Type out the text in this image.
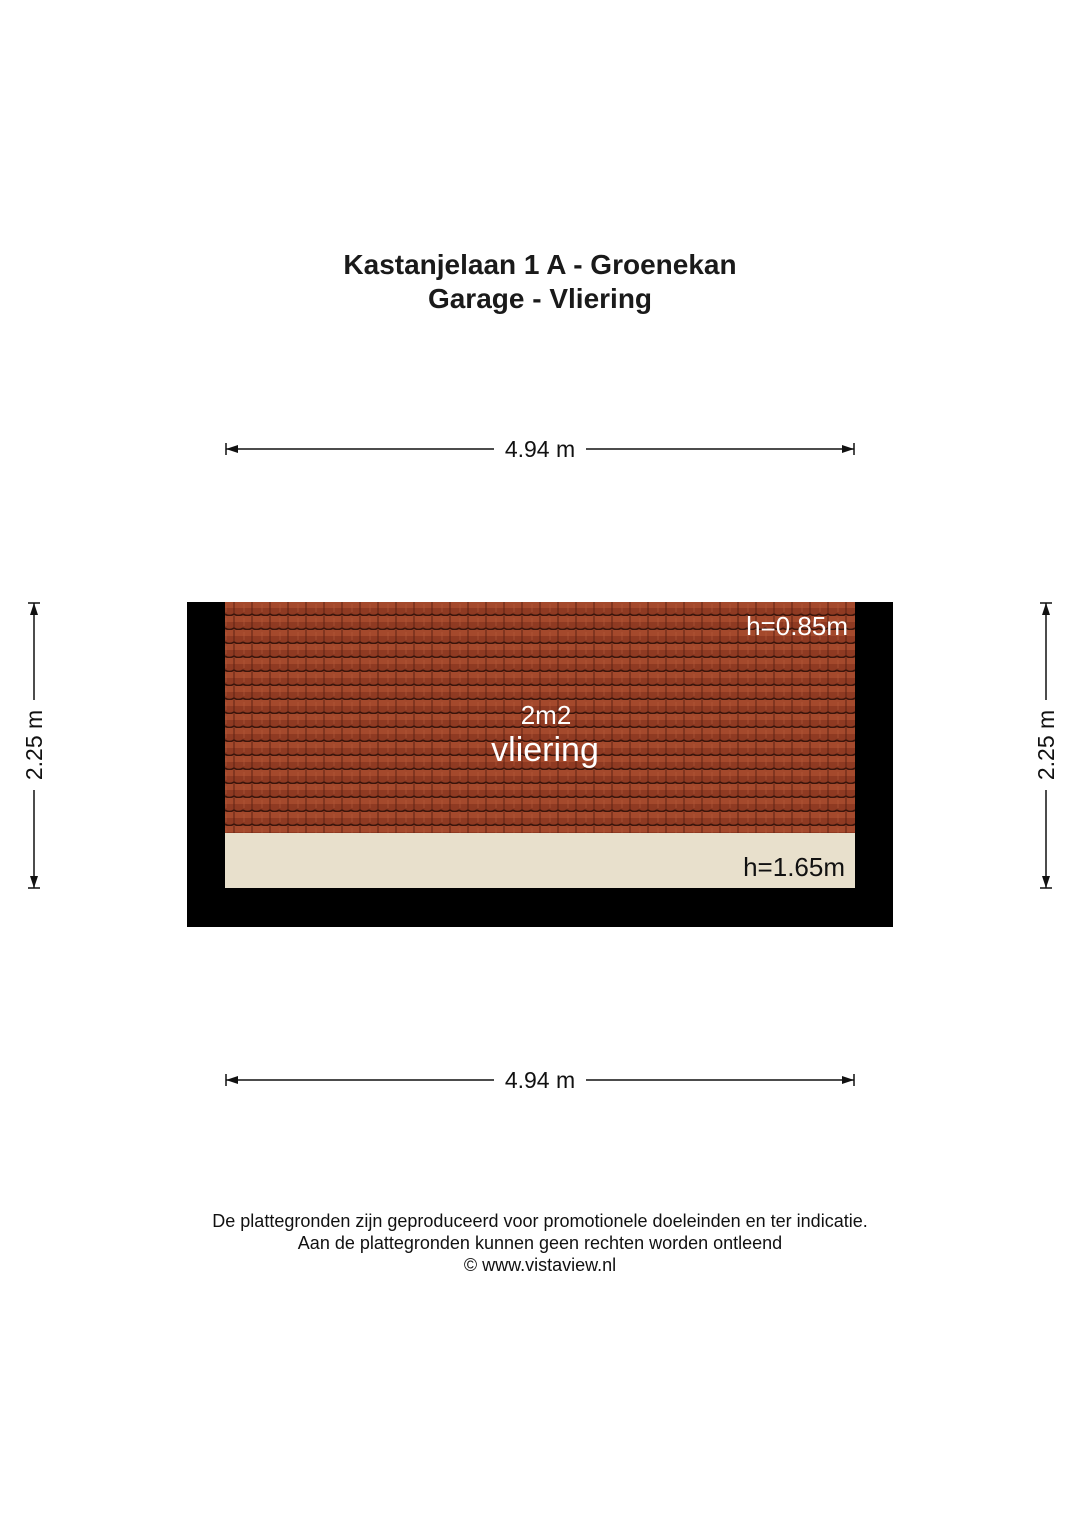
Kastanjelaan 1 A - Groenekan
Garage - Vliering
4.94 m
h=0.85m
2m2
vliering
h=1.65m
2.25 m	2.25 m
4.94 m
De plattegronden zijn geproduceerd voor promotionele doeleinden en ter indicatie.
Aan de plattegronden kunnen geen rechten worden ontleend
© www.vistaview.nl
